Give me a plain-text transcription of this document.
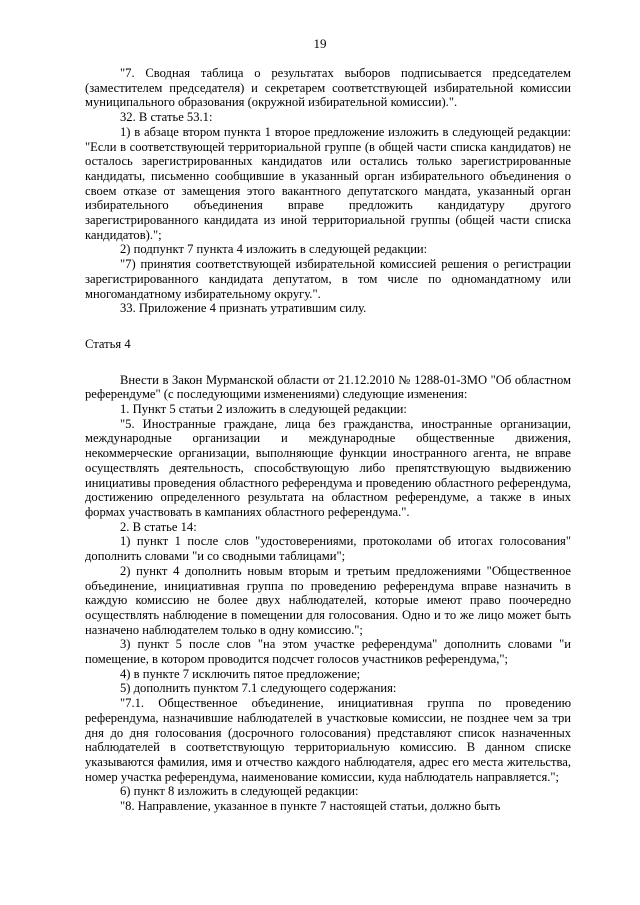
19

"7. Сводная таблица о результатах выборов подписывается председателем (заместителем председателя) и секретарем соответствующей избирательной комиссии муниципального образования (окружной избирательной комиссии).".

32. В статье 53.1:

1) в абзаце втором пункта 1 второе предложение изложить в следующей редакции: "Если в соответствующей территориальной группе (в общей части списка кандидатов) не осталось зарегистрированных кандидатов или остались только зарегистрированные кандидаты, письменно сообщившие в указанный орган избирательного объединения о своем отказе от замещения этого вакантного депутатского мандата, указанный орган избирательного объединения вправе предложить кандидатуру другого зарегистрированного кандидата из иной территориальной группы (общей части списка кандидатов).";

2) подпункт 7 пункта 4 изложить в следующей редакции:

"7) принятия соответствующей избирательной комиссией решения о регистрации зарегистрированного кандидата депутатом, в том числе по одномандатному или многомандатному избирательному округу.".

33. Приложение 4 признать утратившим силу.

Статья 4

Внести в Закон Мурманской области от 21.12.2010 № 1288-01-ЗМО "Об областном референдуме" (с последующими изменениями) следующие изменения:

1. Пункт 5 статьи 2 изложить в следующей редакции:

"5. Иностранные граждане, лица без гражданства, иностранные организации, международные организации и международные общественные движения, некоммерческие организации, выполняющие функции иностранного агента, не вправе осуществлять деятельность, способствующую либо препятствующую выдвижению инициативы проведения областного референдума и проведению областного референдума, достижению определенного результата на областном референдуме, а также в иных формах участвовать в кампаниях областного референдума.".

2. В статье 14:

1) пункт 1 после слов "удостоверениями, протоколами об итогах голосования" дополнить словами "и со сводными таблицами";

2) пункт 4 дополнить новым вторым и третьим предложениями "Общественное объединение, инициативная группа по проведению референдума вправе назначить в каждую комиссию не более двух наблюдателей, которые имеют право поочередно осуществлять наблюдение в помещении для голосования. Одно и то же лицо может быть назначено наблюдателем только в одну комиссию.";

3) пункт 5 после слов "на этом участке референдума" дополнить словами "и помещение, в котором проводится подсчет голосов участников референдума,";

4) в пункте 7 исключить пятое предложение;

5) дополнить пунктом 7.1 следующего содержания:

"7.1. Общественное объединение, инициативная группа по проведению референдума, назначившие наблюдателей в участковые комиссии, не позднее чем за три дня до дня голосования (досрочного голосования) представляют список назначенных наблюдателей в соответствующую территориальную комиссию. В данном списке указываются фамилия, имя и отчество каждого наблюдателя, адрес его места жительства, номер участка референдума, наименование комиссии, куда наблюдатель направляется.";

6) пункт 8 изложить в следующей редакции:

"8. Направление, указанное в пункте 7 настоящей статьи, должно быть
